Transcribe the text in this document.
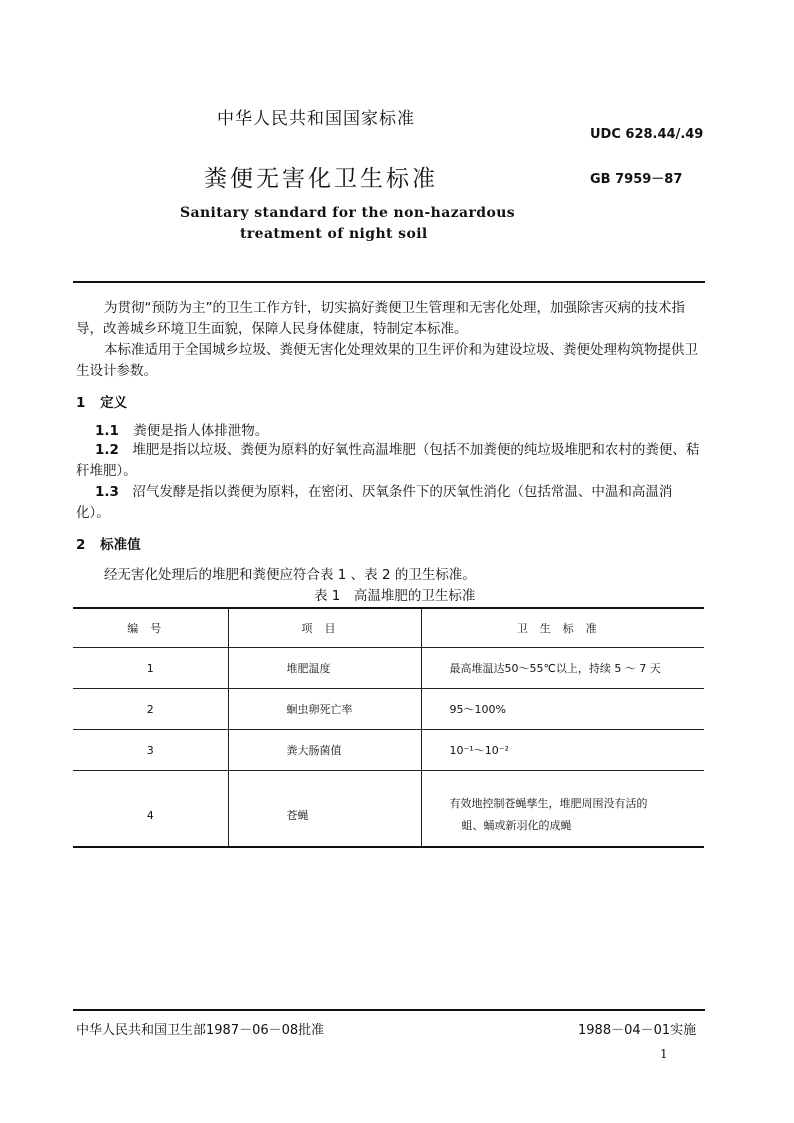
中华人民共和国国家标准
UDC 628.44/.49
粪便无害化卫生标准	GB 7959－87
Sanitary standard for the non-hazardous
treatment of night soil

为贯彻“预防为主”的卫生工作方针，切实搞好粪便卫生管理和无害化处理，加强除害灭病的技术指导，改善城乡环境卫生面貌，保障人民身体健康，特制定本标准。

本标准适用于全国城乡垃圾、粪便无害化处理效果的卫生评价和为建设垃圾、粪便处理构筑物提供卫生设计参数。

1 定义
1.1 粪便是指人体排泄物。
1.2　 堆肥是指以垃圾、粪便为原料的好氧性高温堆肥（包括不加粪便的纯垃圾堆肥和农村的粪便、秸秆堆肥）。
1.3　 沼气发酵是指以粪便为原料，在密闭、厌氧条件下的厌氧性消化（包括常温、中温和高温消化）。
2 标准值
经无害化处理后的堆肥和粪便应符合表 1 、表 2 的卫生标准。
表 1　高温堆肥的卫生标准
编号	项目	卫生标准
1	堆肥温度	最高堆温达50～55℃以上，持续 5 ～ 7 天
2	蛔虫卵死亡率	95～100%
3	粪大肠菌值	10⁻¹～10⁻²
4	苍蝇	有效地控制苍蝇孳生，堆肥周围没有活的
蛆、蛹或新羽化的成蝇
中华人民共和国卫生部1987－06－08批准	1988－04－01实施
1
